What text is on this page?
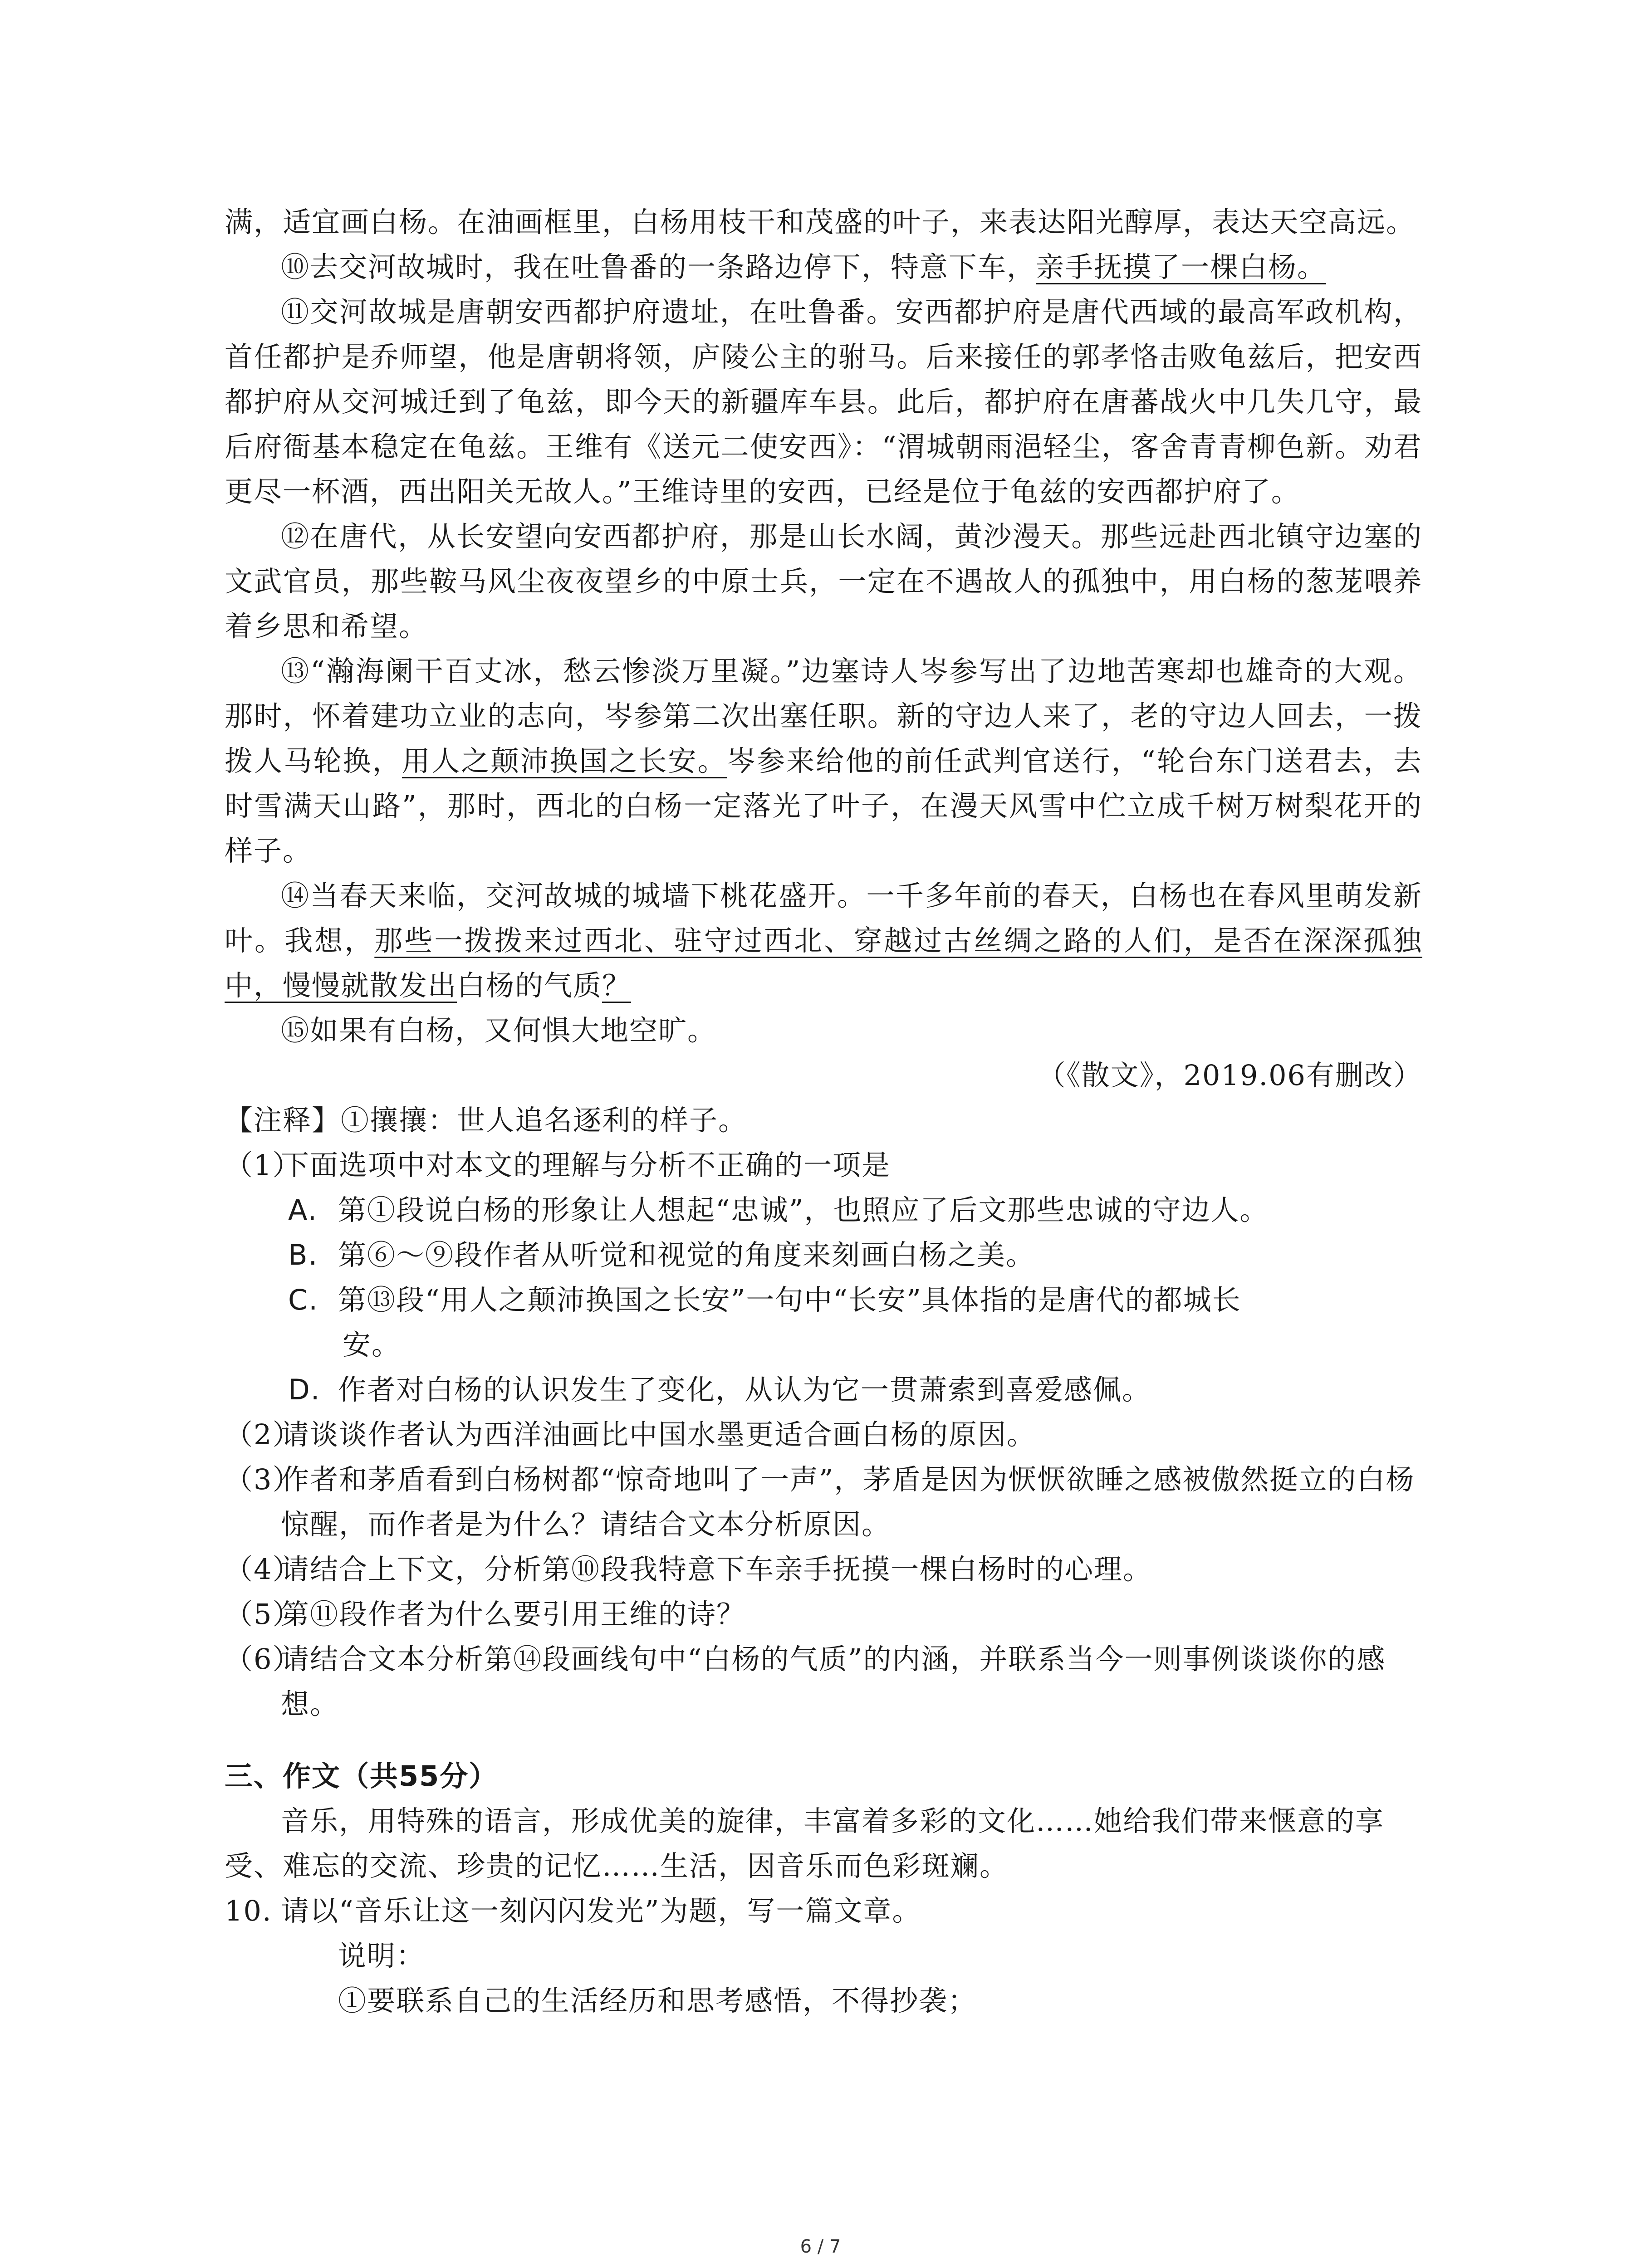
满，适宜画白杨。在油画框里，白杨用枝干和茂盛的叶子，来表达阳光醇厚，表达天空高远。

⑩去交河故城时，我在吐鲁番的一条路边停下，特意下车，亲手抚摸了一棵白杨。

⑪交河故城是唐朝安西都护府遗址，在吐鲁番。安西都护府是唐代西域的最高军政机构，首任都护是乔师望，他是唐朝将领，庐陵公主的驸马。后来接任的郭孝恪击败龟兹后，把安西都护府从交河城迁到了龟兹，即今天的新疆库车县。此后，都护府在唐蕃战火中几失几守，最后府衙基本稳定在龟兹。王维有《送元二使安西》：“渭城朝雨浥轻尘，客舍青青柳色新。劝君更尽一杯酒，西出阳关无故人。”王维诗里的安西，已经是位于龟兹的安西都护府了。

⑫在唐代，从长安望向安西都护府，那是山长水阔，黄沙漫天。那些远赴西北镇守边塞的文武官员，那些鞍马风尘夜夜望乡的中原士兵，一定在不遇故人的孤独中，用白杨的葱茏喂养着乡思和希望。

⑬“瀚海阑干百丈冰，愁云惨淡万里凝。”边塞诗人岑参写出了边地苦寒却也雄奇的大观。那时，怀着建功立业的志向，岑参第二次出塞任职。新的守边人来了，老的守边人回去，一拨拨人马轮换，用人之颠沛换国之长安。岑参来给他的前任武判官送行，“轮台东门送君去，去时雪满天山路”，那时，西北的白杨一定落光了叶子，在漫天风雪中伫立成千树万树梨花开的样子。

⑭当春天来临，交河故城的城墙下桃花盛开。一千多年前的春天，白杨也在春风里萌发新叶。我想，那些一拨拨来过西北、驻守过西北、穿越过古丝绸之路的人们，是否在深深孤独中，慢慢就散发出白杨的气质？

⑮如果有白杨，又何惧大地空旷。

（《散文》，2019.06有删改）

【注释】①攘攘：世人追名逐利的样子。

（1）下面选项中对本文的理解与分析不正确的一项是

A. 第①段说白杨的形象让人想起“忠诚”，也照应了后文那些忠诚的守边人。

B. 第⑥～⑨段作者从听觉和视觉的角度来刻画白杨之美。

C. 第⑬段“用人之颠沛换国之长安”一句中“长安”具体指的是唐代的都城长

安。

D. 作者对白杨的认识发生了变化，从认为它一贯萧索到喜爱感佩。

（2）请谈谈作者认为西洋油画比中国水墨更适合画白杨的原因。

（3）作者和茅盾看到白杨树都“惊奇地叫了一声”，茅盾是因为恹恹欲睡之感被傲然挺立的白杨惊醒，而作者是为什么？请结合文本分析原因。

（4）请结合上下文，分析第⑩段我特意下车亲手抚摸一棵白杨时的心理。

（5）第⑪段作者为什么要引用王维的诗？

（6）请结合文本分析第⑭段画线句中“白杨的气质”的内涵，并联系当今一则事例谈谈你的感想。

三、作文（共55分）

音乐，用特殊的语言，形成优美的旋律，丰富着多彩的文化……她给我们带来惬意的享受、难忘的交流、珍贵的记忆……生活，因音乐而色彩斑斓。

10. 请以“音乐让这一刻闪闪发光”为题，写一篇文章。

说明：

①要联系自己的生活经历和思考感悟，不得抄袭；

6 / 7
